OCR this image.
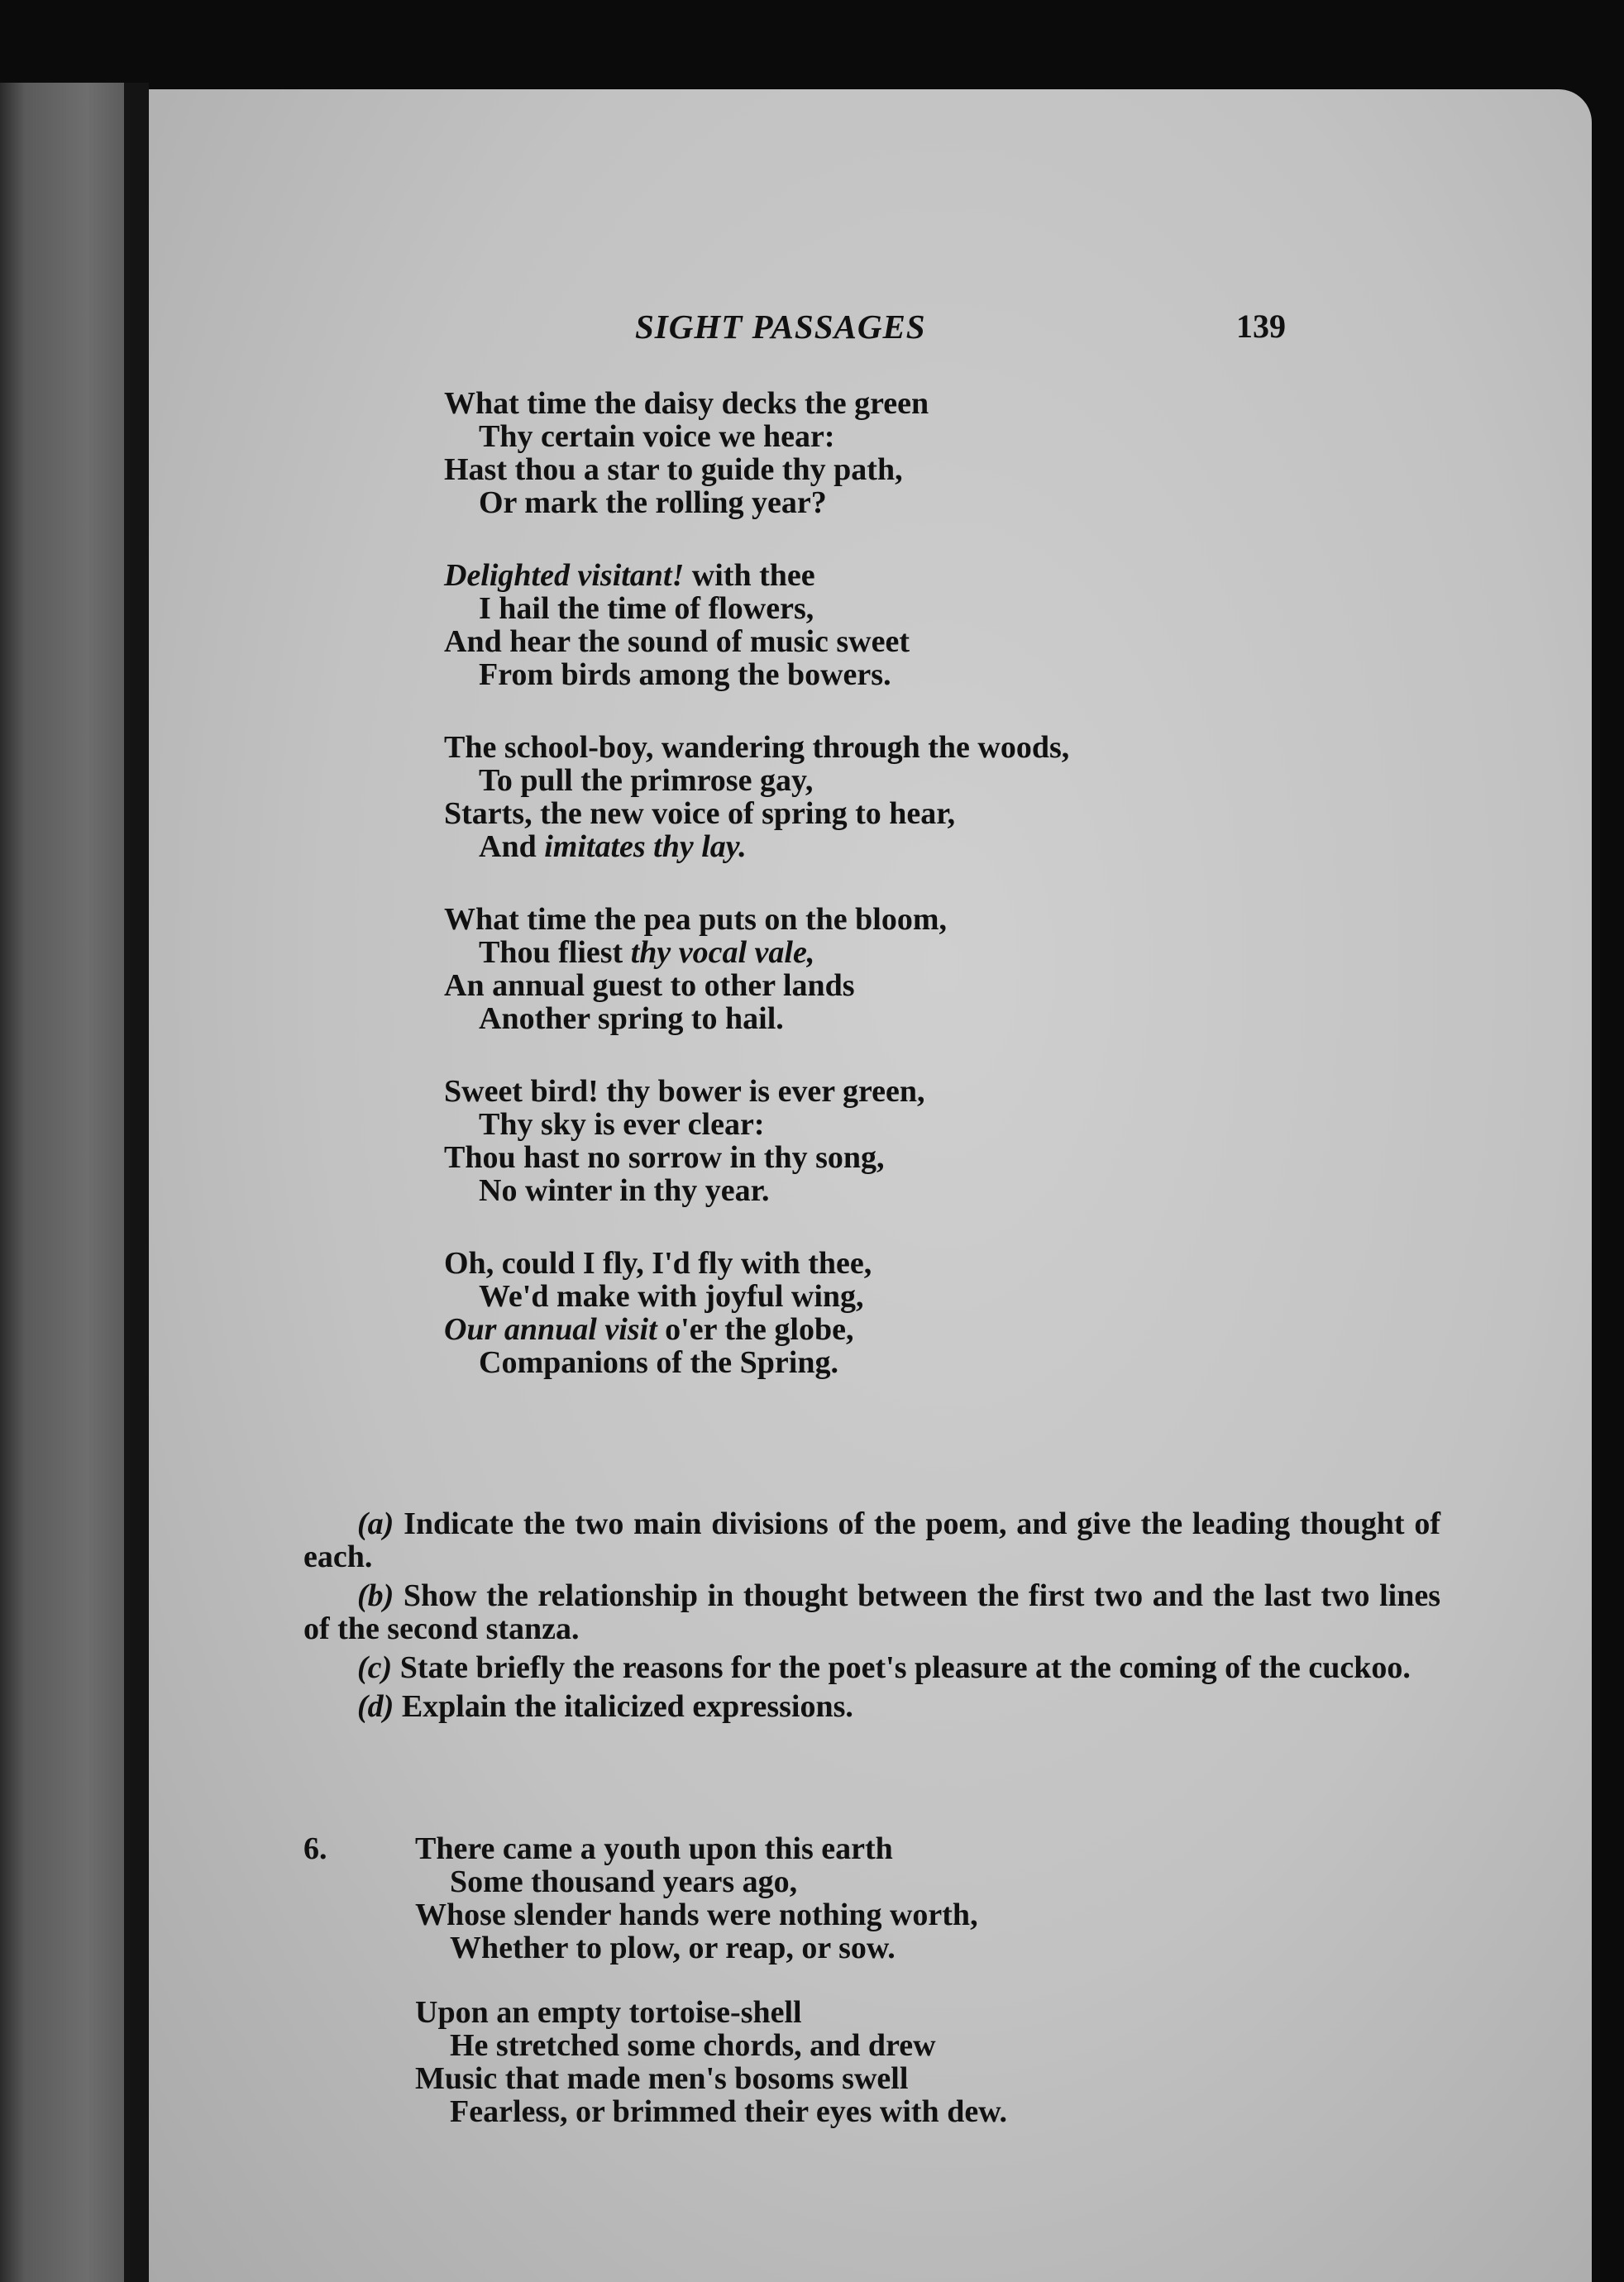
SIGHT PASSAGES	139
What time the daisy decks the green
Thy certain voice we hear:
Hast thou a star to guide thy path,
Or mark the rolling year?
Delighted visitant! with thee
I hail the time of flowers,
And hear the sound of music sweet
From birds among the bowers.
The school-boy, wandering through the woods,
To pull the primrose gay,
Starts, the new voice of spring to hear,
And imitates thy lay.
What time the pea puts on the bloom,
Thou fliest thy vocal vale,
An annual guest to other lands
Another spring to hail.
Sweet bird! thy bower is ever green,
Thy sky is ever clear:
Thou hast no sorrow in thy song,
No winter in thy year.
Oh, could I fly, I'd fly with thee,
We'd make with joyful wing,
Our annual visit o'er the globe,
Companions of the Spring.
(a) Indicate the two main divisions of the poem, and give the leading thought of each.
(b) Show the relationship in thought between the first two and the last two lines of the second stanza.
(c) State briefly the reasons for the poet's pleasure at the coming of the cuckoo.
(d) Explain the italicized expressions.
6.	There came a youth upon this earth
Some thousand years ago,
Whose slender hands were nothing worth,
Whether to plow, or reap, or sow.
Upon an empty tortoise-shell
He stretched some chords, and drew
Music that made men's bosoms swell
Fearless, or brimmed their eyes with dew.
